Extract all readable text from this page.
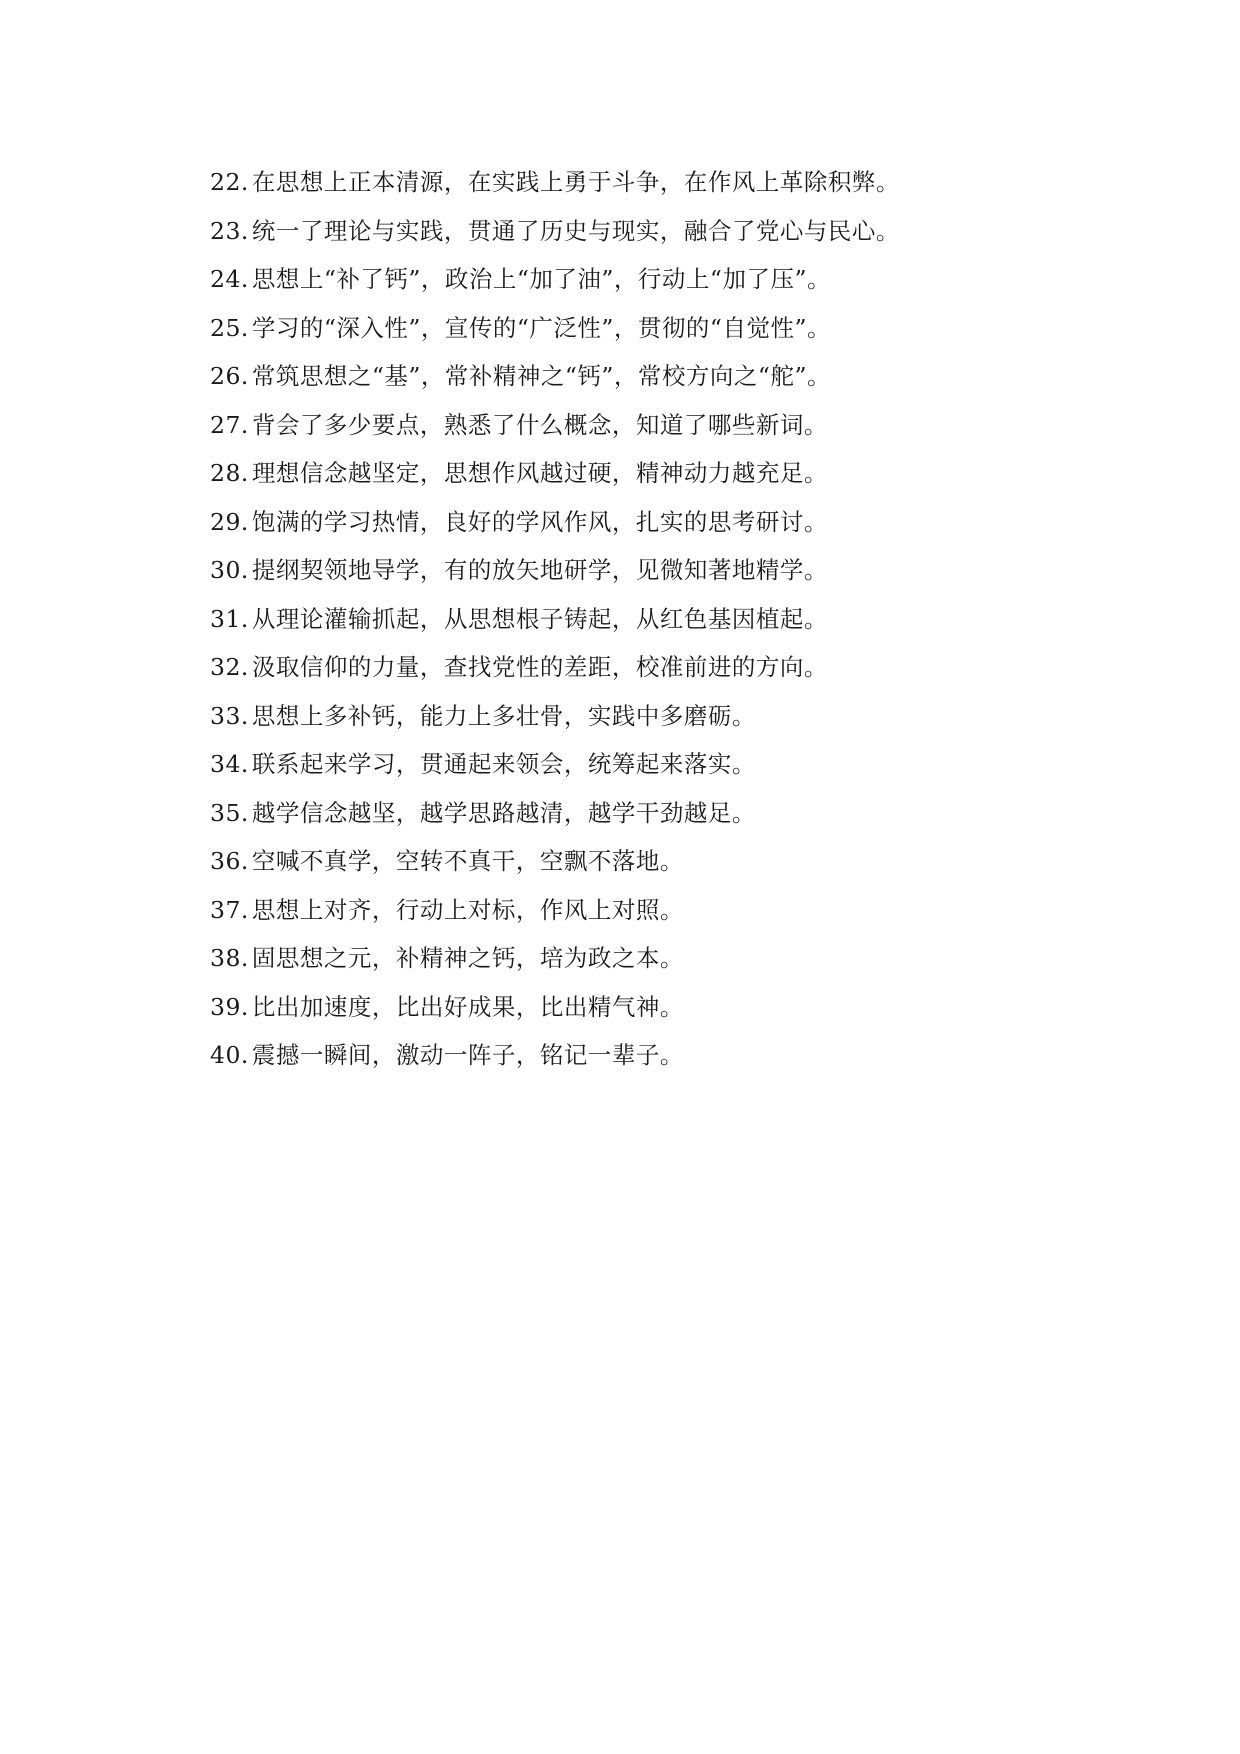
22. 在思想上正本清源，在实践上勇于斗争，在作风上革除积弊。
23. 统一了理论与实践，贯通了历史与现实，融合了党心与民心。
24. 思想上“补了钙”，政治上“加了油”，行动上“加了压”。
25. 学习的“深入性”，宣传的“广泛性”，贯彻的“自觉性”。
26. 常筑思想之“基”，常补精神之“钙”，常校方向之“舵”。
27. 背会了多少要点，熟悉了什么概念，知道了哪些新词。
28. 理想信念越坚定，思想作风越过硬，精神动力越充足。
29. 饱满的学习热情，良好的学风作风，扎实的思考研讨。
30. 提纲契领地导学，有的放矢地研学，见微知著地精学。
31. 从理论灌输抓起，从思想根子铸起，从红色基因植起。
32. 汲取信仰的力量，查找党性的差距，校准前进的方向。
33. 思想上多补钙，能力上多壮骨，实践中多磨砺。
34. 联系起来学习，贯通起来领会，统筹起来落实。
35. 越学信念越坚，越学思路越清，越学干劲越足。
36. 空喊不真学，空转不真干，空飘不落地。
37. 思想上对齐，行动上对标，作风上对照。
38. 固思想之元，补精神之钙，培为政之本。
39. 比出加速度，比出好成果，比出精气神。
40. 震撼一瞬间，激动一阵子，铭记一辈子。
